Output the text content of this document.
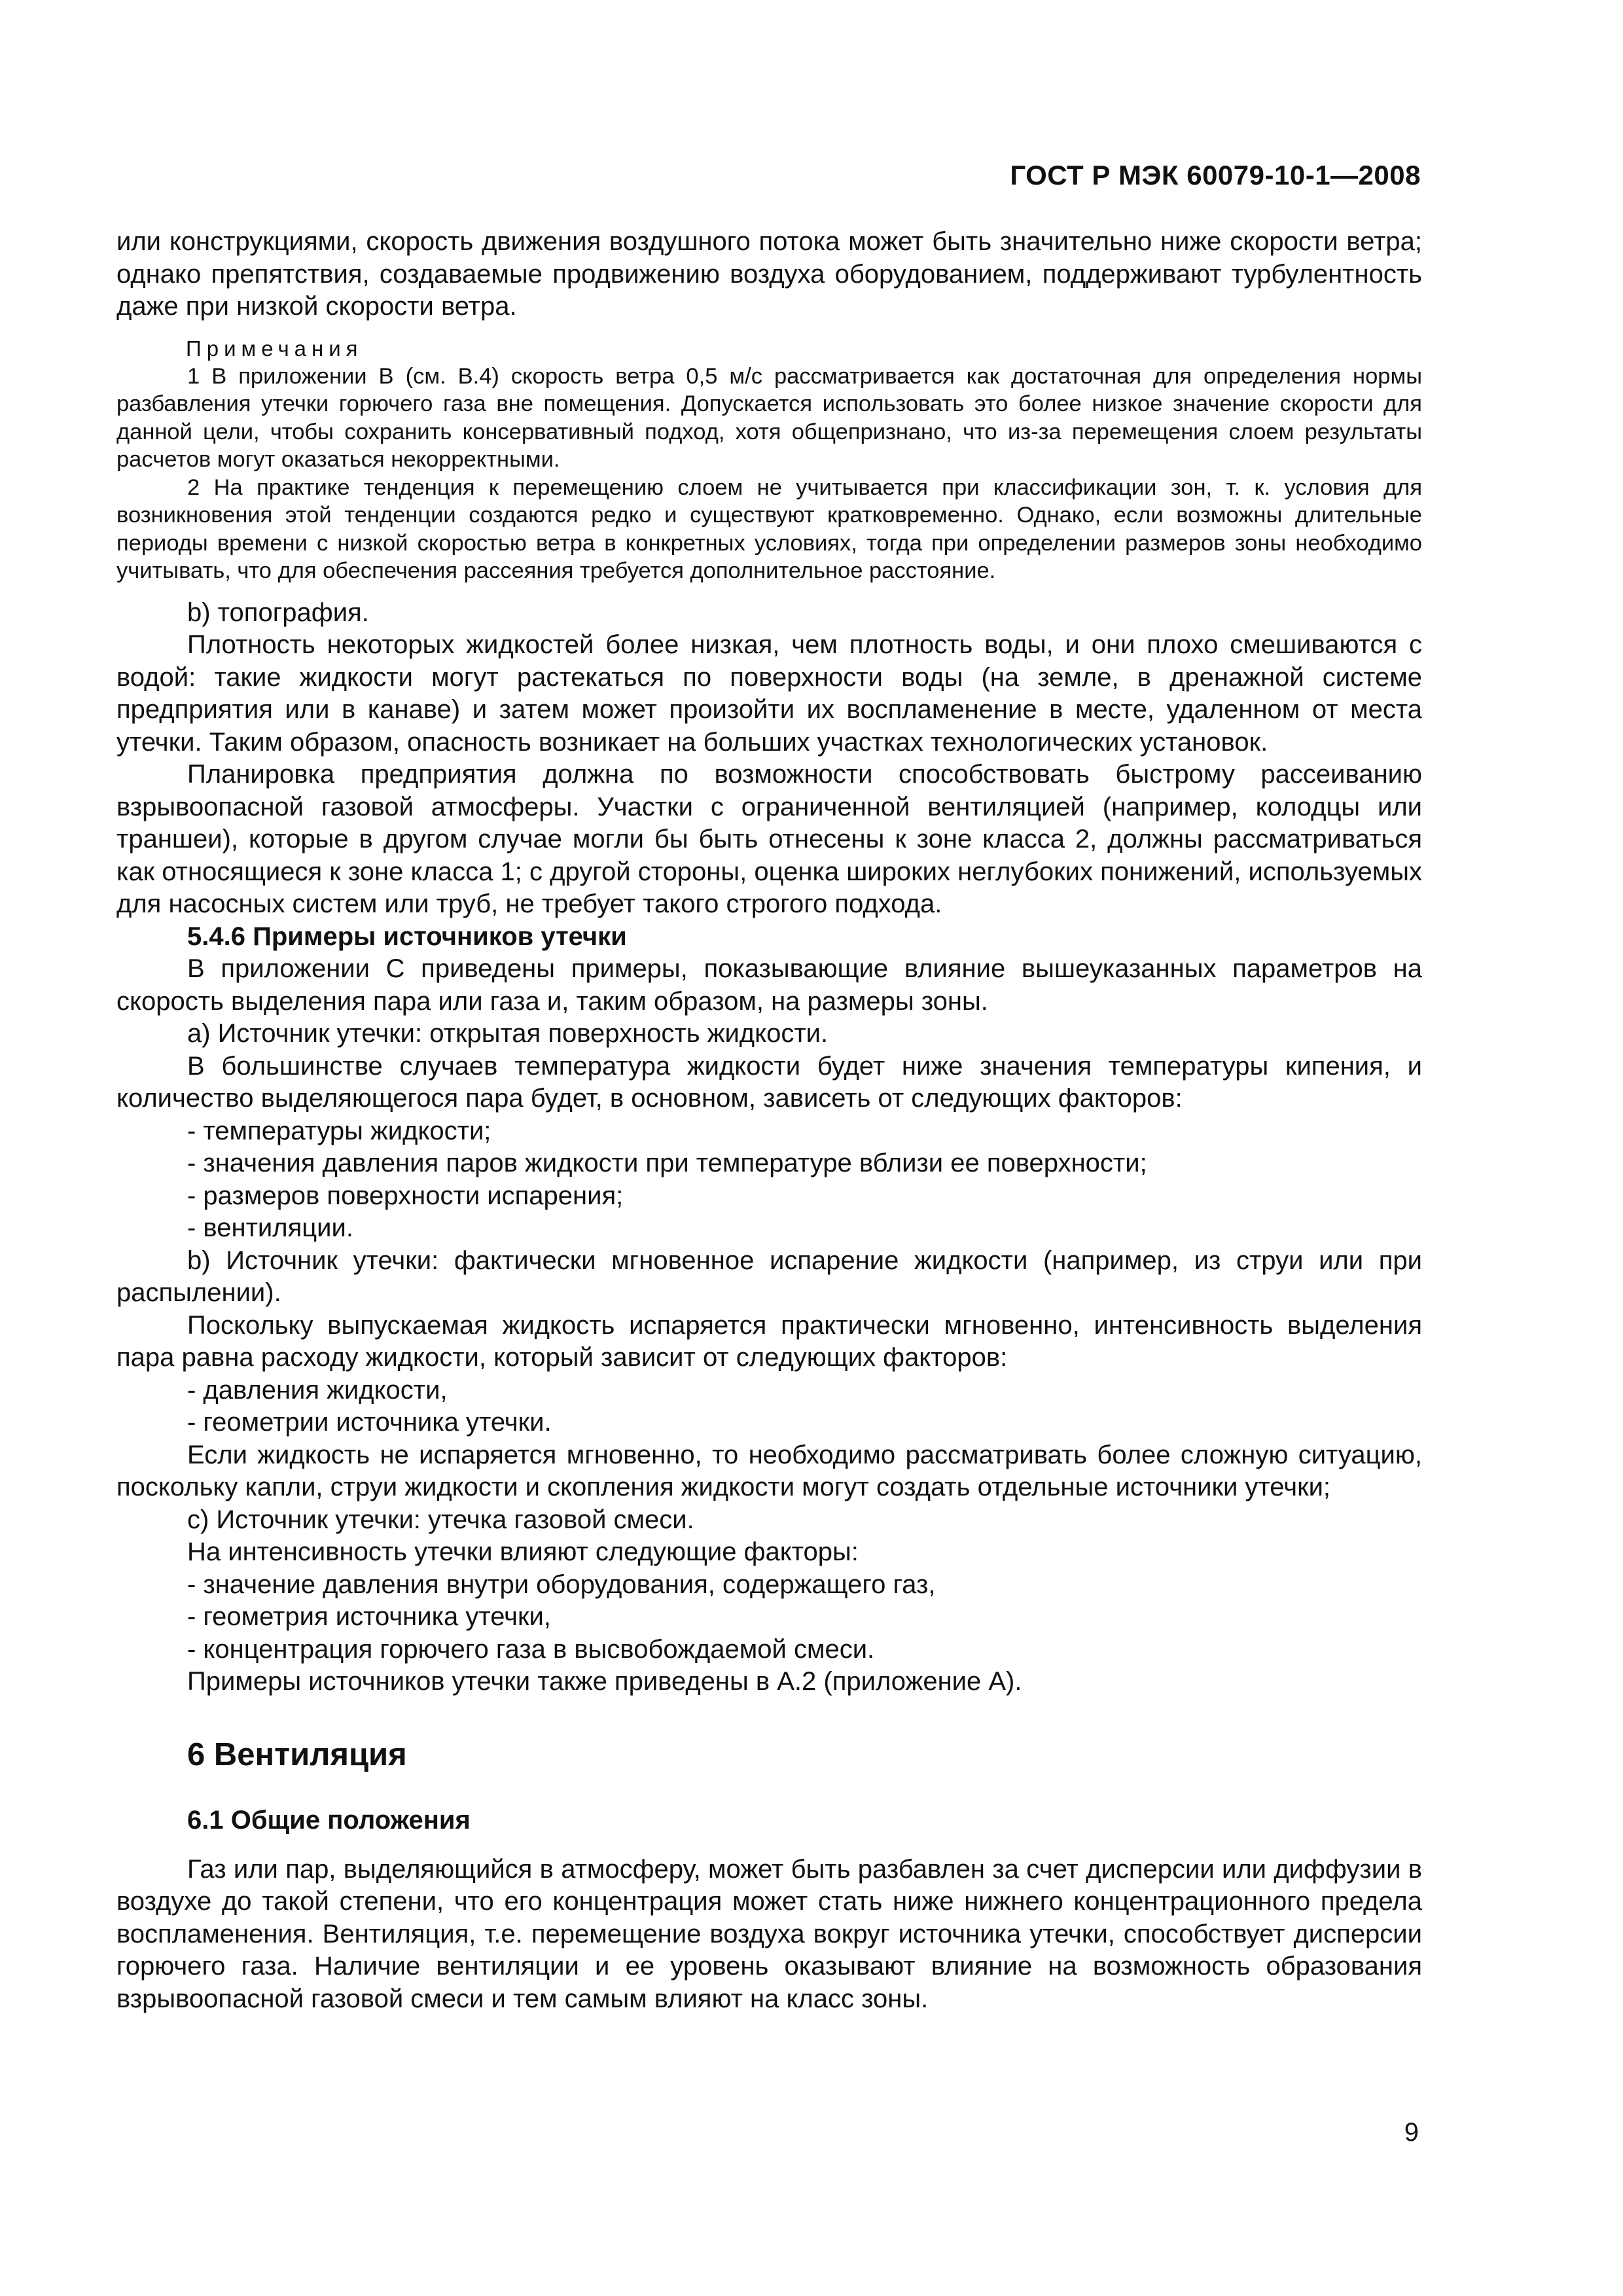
ГОСТ Р МЭК 60079-10-1—2008

или конструкциями, скорость движения воздушного потока может быть значительно ниже скорости ветра; однако препятствия, создаваемые продвижению воздуха оборудованием, поддерживают турбулентность даже при низкой скорости ветра.

Примечания

1 В приложении В (см. В.4) скорость ветра 0,5 м/с рассматривается как достаточная для определения нормы разбавления утечки горючего газа вне помещения. Допускается использовать это более низкое значение скорости для данной цели, чтобы сохранить консервативный подход, хотя общепризнано, что из-за перемещения слоем результаты расчетов могут оказаться некорректными.

2 На практике тенденция к перемещению слоем не учитывается при классификации зон, т. к. условия для возникновения этой тенденции создаются редко и существуют кратковременно. Однако, если возможны длительные периоды времени с низкой скоростью ветра в конкретных условиях, тогда при определении размеров зоны необходимо учитывать, что для обеспечения рассеяния требуется дополнительное расстояние.

b) топография.

Плотность некоторых жидкостей более низкая, чем плотность воды, и они плохо смешиваются с водой: такие жидкости могут растекаться по поверхности воды (на земле, в дренажной системе предприятия или в канаве) и затем может произойти их воспламенение в месте, удаленном от места утечки. Таким образом, опасность возникает на больших участках технологических установок.

Планировка предприятия должна по возможности способствовать быстрому рассеиванию взрывоопасной газовой атмосферы. Участки с ограниченной вентиляцией (например, колодцы или траншеи), которые в другом случае могли бы быть отнесены к зоне класса 2, должны рассматриваться как относящиеся к зоне класса 1; с другой стороны, оценка широких неглубоких понижений, используемых для насосных систем или труб, не требует такого строгого подхода.

5.4.6 Примеры источников утечки

В приложении С приведены примеры, показывающие влияние вышеуказанных параметров на скорость выделения пара или газа и, таким образом, на размеры зоны.

а) Источник утечки: открытая поверхность жидкости.

В большинстве случаев температура жидкости будет ниже значения температуры кипения, и количество выделяющегося пара будет, в основном, зависеть от следующих факторов:

- температуры жидкости;

- значения давления паров жидкости при температуре вблизи ее поверхности;

- размеров поверхности испарения;

- вентиляции.

b) Источник утечки: фактически мгновенное испарение жидкости (например, из струи или при распылении).

Поскольку выпускаемая жидкость испаряется практически мгновенно, интенсивность выделения пара равна расходу жидкости, который зависит от следующих факторов:

- давления жидкости,

- геометрии источника утечки.

Если жидкость не испаряется мгновенно, то необходимо рассматривать более сложную ситуацию, поскольку капли, струи жидкости и скопления жидкости могут создать отдельные источники утечки;

с) Источник утечки: утечка газовой смеси.

На интенсивность утечки влияют следующие факторы:

- значение давления внутри оборудования, содержащего газ,

- геометрия источника утечки,

- концентрация горючего газа в высвобождаемой смеси.

Примеры источников утечки также приведены в А.2 (приложение А).

6 Вентиляция

6.1 Общие положения

Газ или пар, выделяющийся в атмосферу, может быть разбавлен за счет дисперсии или диффузии в воздухе до такой степени, что его концентрация может стать ниже нижнего концентрационного предела воспламенения. Вентиляция, т.е. перемещение воздуха вокруг источника утечки, способствует дисперсии горючего газа. Наличие вентиляции и ее уровень оказывают влияние на возможность образования взрывоопасной газовой смеси и тем самым влияют на класс зоны.

9
